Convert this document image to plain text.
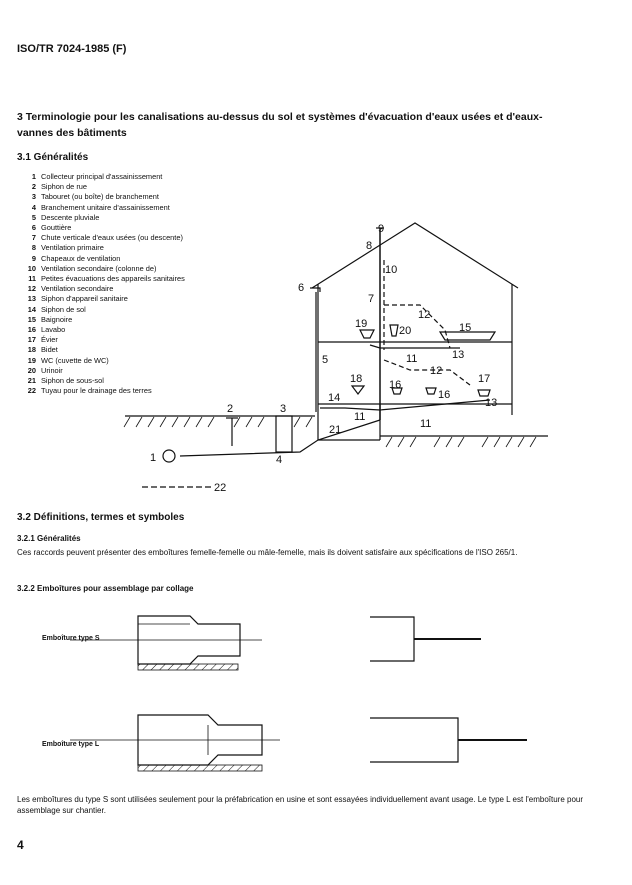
ISO/TR 7024-1985 (F)
3 Terminologie pour les canalisations au-dessus du sol et systèmes d'évacuation d'eaux usées et d'eaux-vannes des bâtiments
3.1 Généralités
1 Collecteur principal d'assainissement
2 Siphon de rue
3 Tabouret (ou boîte) de branchement
4 Branchement unitaire d'assainissement
5 Descente pluviale
6 Gouttière
7 Chute verticale d'eaux usées (ou descente)
8 Ventilation primaire
9 Chapeaux de ventilation
10 Ventilation secondaire (colonne de)
11 Petites évacuations des appareils sanitaires
12 Ventilation secondaire
13 Siphon d'appareil sanitaire
14 Siphon de sol
15 Baignoire
16 Lavabo
17 Évier
18 Bidet
19 WC (cuvette de WC)
20 Urinoir
21 Siphon de sous-sol
22 Tuyau pour le drainage des terres
1
2	3
4
5
6
7
8
9
10
11
11
11
12
12
13
13
14
15
16
16
17
18
19
20
21
22
3.2 Définitions, termes et symboles
3.2.1 Généralités
Ces raccords peuvent présenter des emboîtures femelle-femelle ou mâle-femelle, mais ils doivent satisfaire aux spécifications de l'ISO 265/1.
3.2.2 Emboîtures pour assemblage par collage
Emboîture type S
Emboîture type L
Les emboîtures du type S sont utilisées seulement pour la préfabrication en usine et sont essayées individuellement avant usage. Le type L est l'emboîture pour assemblage sur chantier.
4
